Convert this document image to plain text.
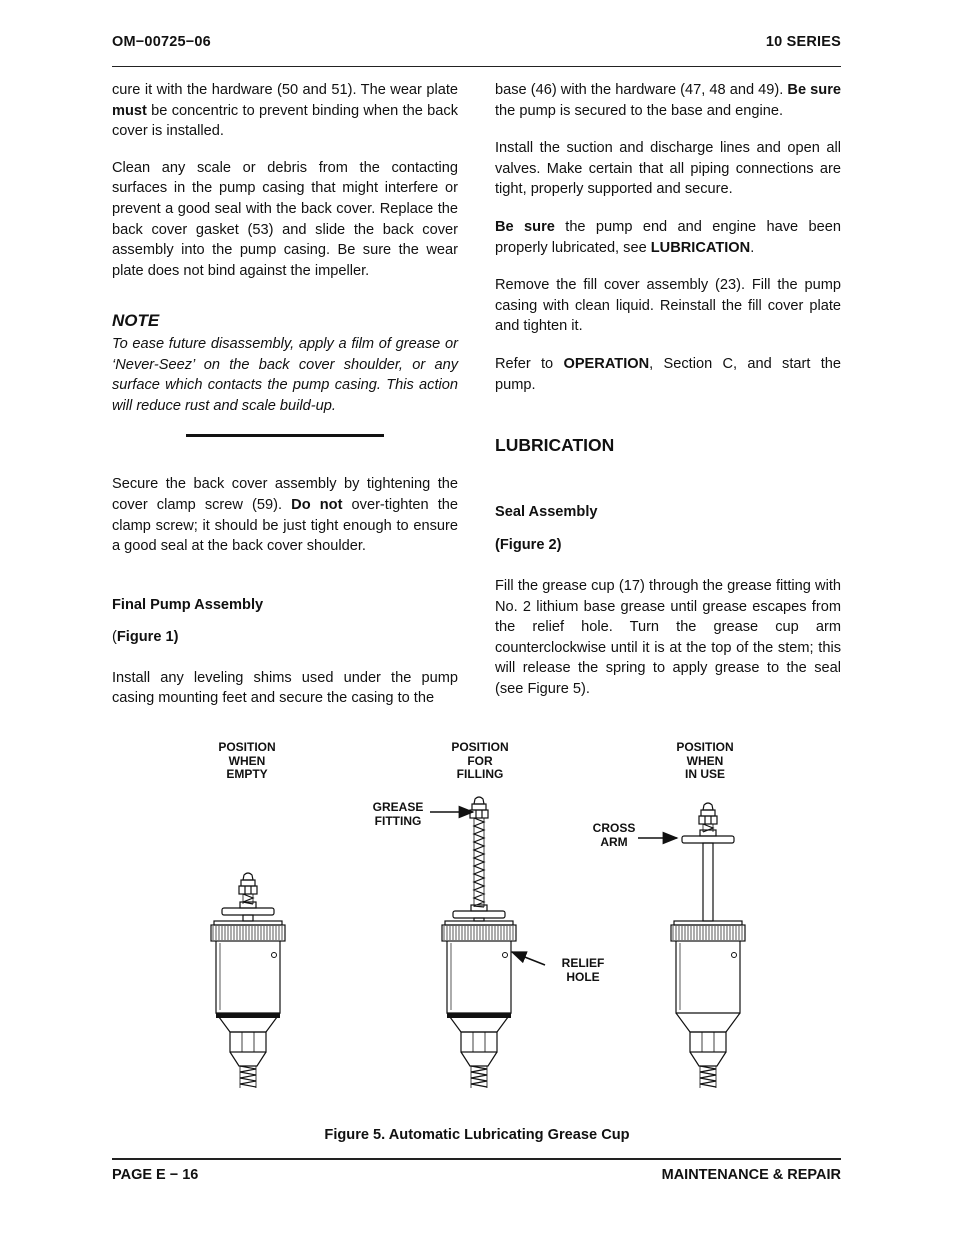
OM−00725−06	10 SERIES

cure it with the hardware (50 and 51). The wear plate must be concentric to prevent binding when the back cover is installed.

Clean any scale or debris from the contacting surfaces in the pump casing that might interfere or prevent a good seal with the back cover. Replace the back cover gasket (53) and slide the back cover assembly into the pump casing. Be sure the wear plate does not bind against the impeller.

NOTE

To ease future disassembly, apply a film of grease or ‘Never-Seez’ on the back cover shoulder, or any surface which contacts the pump casing. This action will reduce rust and scale build-up.

Secure the back cover assembly by tightening the cover clamp screw (59). Do not over-tighten the clamp screw; it should be just tight enough to ensure a good seal at the back cover shoulder.

Final Pump Assembly

(Figure 1)

Install any leveling shims used under the pump casing mounting feet and secure the casing to the

base (46) with the hardware (47, 48 and 49). Be sure the pump is secured to the base and engine.

Install the suction and discharge lines and open all valves. Make certain that all piping connections are tight, properly supported and secure.

Be sure the pump end and engine have been properly lubricated, see LUBRICATION.

Remove the fill cover assembly (23). Fill the pump casing with clean liquid. Reinstall the fill cover plate and tighten it.

Refer to OPERATION, Section C, and start the pump.

LUBRICATION

Seal Assembly

(Figure 2)

Fill the grease cup (17) through the grease fitting with No. 2 lithium base grease until grease escapes from the relief hole. Turn the grease cup arm counterclockwise until it is at the top of the stem; this will release the spring to apply grease to the seal (see Figure 5).

POSITION
WHEN
EMPTY
POSITION
FOR
FILLING
POSITION
WHEN
IN USE
GREASE
FITTING
CROSS
ARM
RELIEF
HOLE
Figure 5. Automatic Lubricating Grease Cup
PAGE E − 16	MAINTENANCE & REPAIR
